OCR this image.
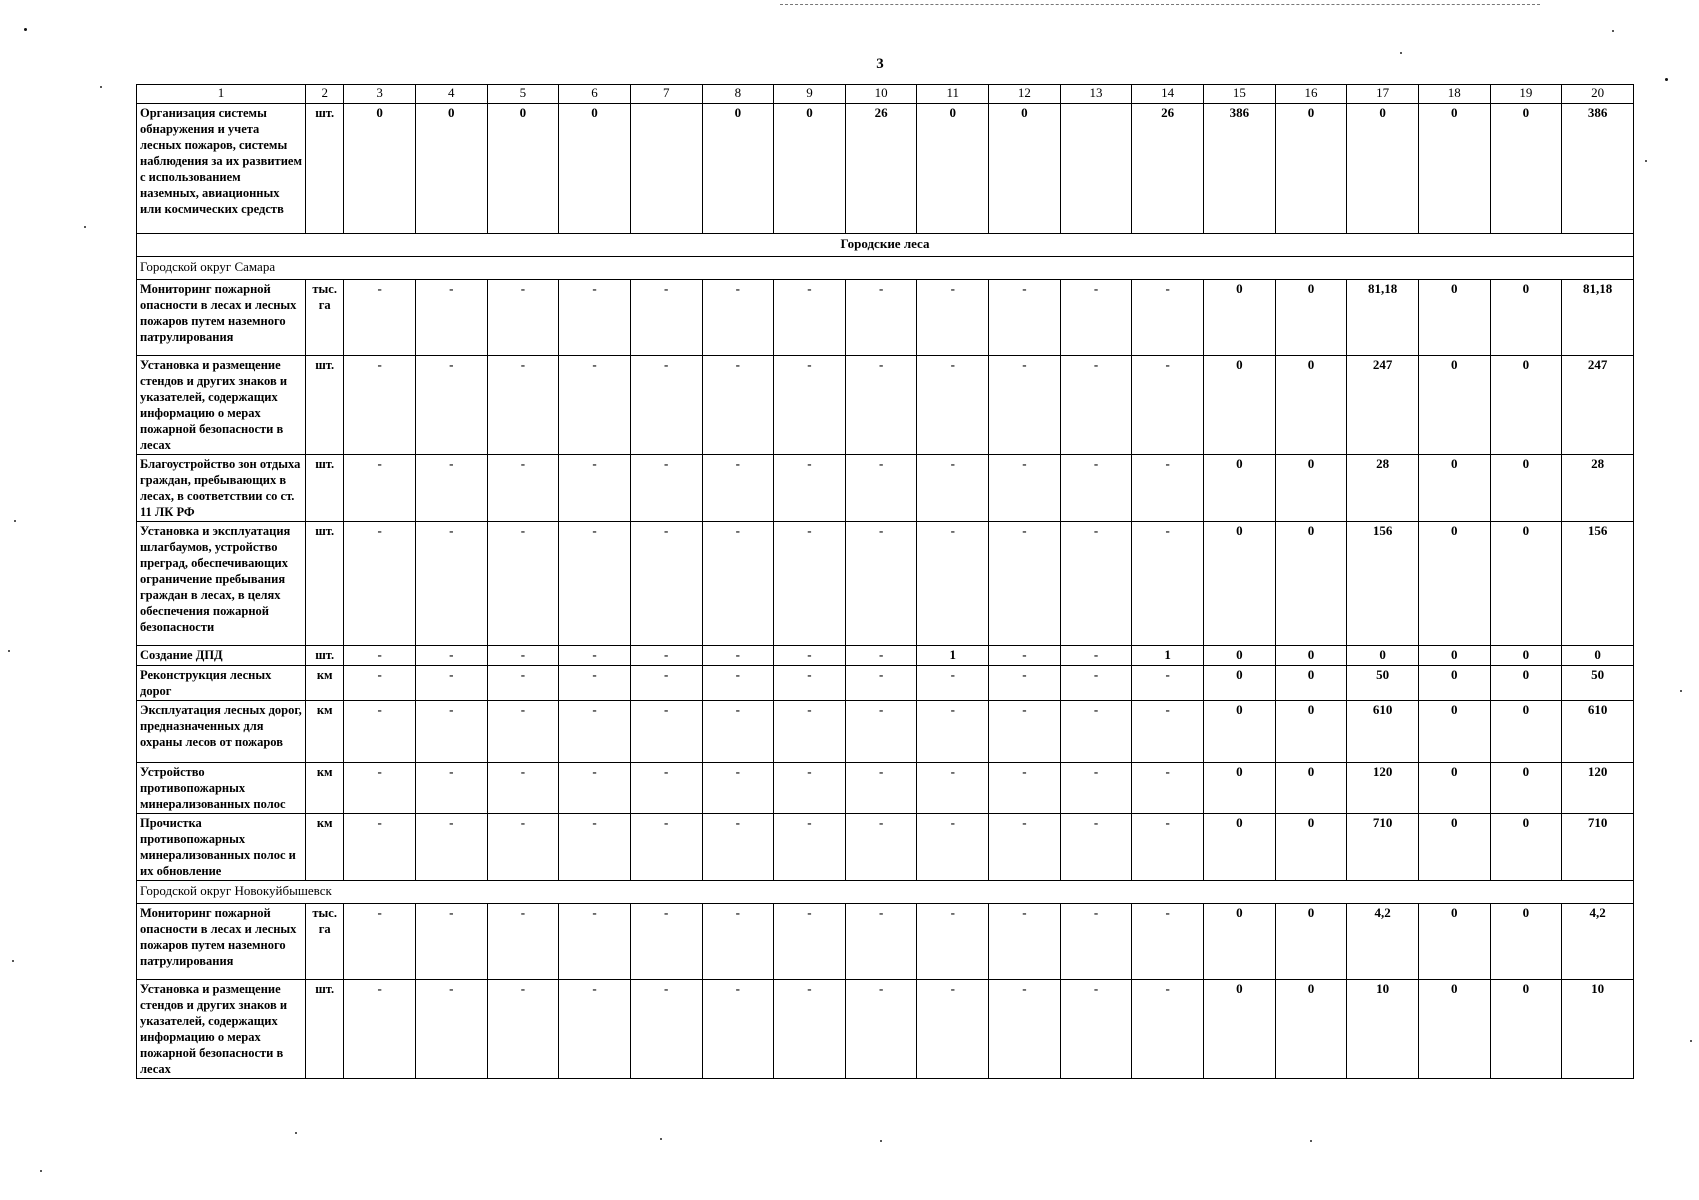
3
1	2	3	4	5	6	7	8	9	10	11	12	13	14	15	16	17	18	19	20
Организация системы обнаружения и учета лесных пожаров, системы наблюдения за их развитием с использованием наземных, авиационных или космических средств	шт.	0	0	0	0		0	0	26	0	0		26	386	0	0	0	0	386
Городские леса																			
Городской округ Самара																			
Мониторинг пожарной опасности в лесах и лесных пожаров путем наземного патрулирования	тыс. га	-	-	-	-	-	-	-	-	-	-	-	-	0	0	81,18	0	0	81,18
Установка и размещение стендов и других знаков и указателей, содержащих информацию о мерах пожарной безопасности в лесах	шт.	-	-	-	-	-	-	-	-	-	-	-	-	0	0	247	0	0	247
Благоустройство зон отдыха граждан, пребывающих в лесах, в соответствии со ст. 11 ЛК РФ	шт.	-	-	-	-	-	-	-	-	-	-	-	-	0	0	28	0	0	28
Установка и эксплуатация шлагбаумов, устройство преград, обеспечивающих ограничение пребывания граждан в лесах, в целях обеспечения пожарной безопасности	шт.	-	-	-	-	-	-	-	-	-	-	-	-	0	0	156	0	0	156
Создание ДПД	шт.	-	-	-	-	-	-	-	-	1	-	-	1	0	0	0	0	0	0
Реконструкция лесных дорог	км	-	-	-	-	-	-	-	-	-	-	-	-	0	0	50	0	0	50
Эксплуатация лесных дорог, предназначенных для охраны лесов от пожаров	км	-	-	-	-	-	-	-	-	-	-	-	-	0	0	610	0	0	610
Устройство противопожарных минерализованных полос	км	-	-	-	-	-	-	-	-	-	-	-	-	0	0	120	0	0	120
Прочистка противопожарных минерализованных полос и их обновление	км	-	-	-	-	-	-	-	-	-	-	-	-	0	0	710	0	0	710
Городской округ Новокуйбышевск																			
Мониторинг пожарной опасности в лесах и лесных пожаров путем наземного патрулирования	тыс. га	-	-	-	-	-	-	-	-	-	-	-	-	0	0	4,2	0	0	4,2
Установка и размещение стендов и других знаков и указателей, содержащих информацию о мерах пожарной безопасности в лесах	шт.	-	-	-	-	-	-	-	-	-	-	-	-	0	0	10	0	0	10
